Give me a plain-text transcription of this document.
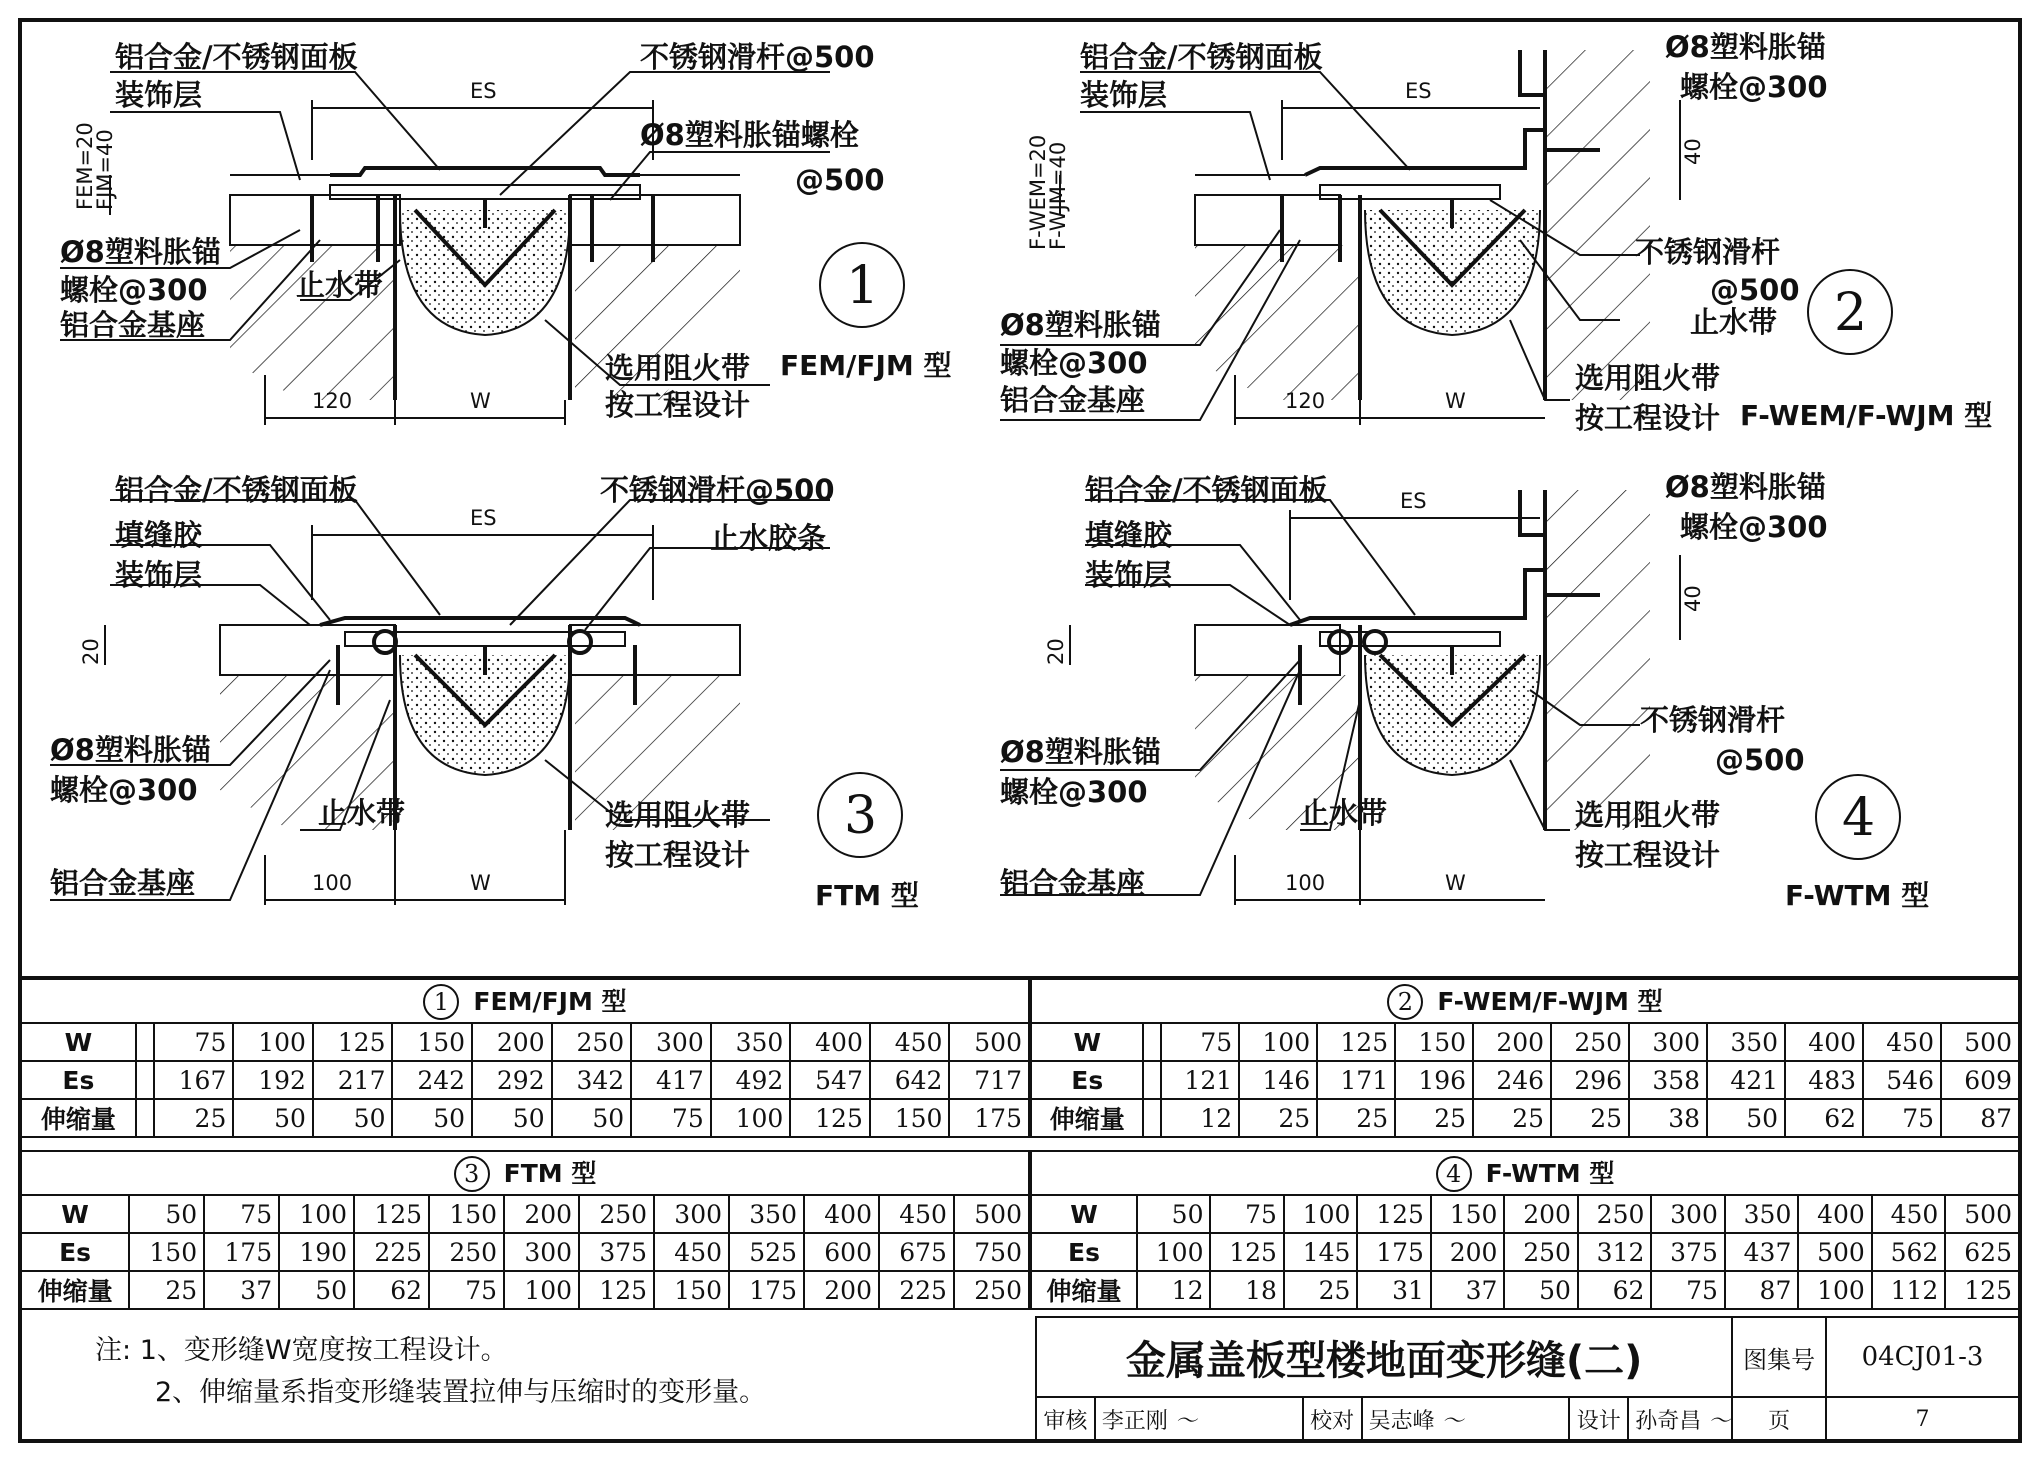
铝合金/不锈钢面板
装饰层
不锈钢滑杆@500
Ø8塑料胀锚螺栓
@500
Ø8塑料胀锚
螺栓@300
铝合金基座
止水带
选用阻火带
按工程设计
ES
W
120
FEM=20
FJM=40
1
FEM/FJM 型
铝合金/不锈钢面板
装饰层
Ø8塑料胀锚
螺栓@300
不锈钢滑杆
@500
止水带
Ø8塑料胀锚
螺栓@300
铝合金基座
选用阻火带
按工程设计
ES
W
120
F-WEM=20
F-WJM=40	40
2
F-WEM/F-WJM 型
铝合金/不锈钢面板
填缝胶
装饰层
不锈钢滑杆@500
止水胶条
Ø8塑料胀锚
螺栓@300
止水带
铝合金基座
选用阻火带
按工程设计
ES
W
100
20
3
FTM 型
铝合金/不锈钢面板
填缝胶
装饰层
Ø8塑料胀锚
螺栓@300
不锈钢滑杆
@500
Ø8塑料胀锚
螺栓@300
止水带
铝合金基座
选用阻火带
按工程设计
ES
W
100
20
40
4
F-WTM 型
1 FEM/FJM 型												
W		75	100	125	150	200	250	300	350	400	450	500
Es		167	192	217	242	292	342	417	492	547	642	717
伸缩量		25	50	50	50	50	50	75	100	125	150	175
2 F-WEM/F-WJM 型												
W		75	100	125	150	200	250	300	350	400	450	500
Es		121	146	171	196	246	296	358	421	483	546	609
伸缩量		12	25	25	25	25	25	38	50	62	75	87
3 FTM 型												
W	50	75	100	125	150	200	250	300	350	400	450	500
Es	150	175	190	225	250	300	375	450	525	600	675	750
伸缩量	25	37	50	62	75	100	125	150	175	200	225	250
4 F-WTM 型												
W	50	75	100	125	150	200	250	300	350	400	450	500
Es	100	125	145	175	200	250	312	375	437	500	562	625
伸缩量	12	18	25	31	37	50	62	75	87	100	112	125
注: 1、变形缝W宽度按工程设计。
2、伸缩量系指变形缝装置拉伸与压缩时的变形量。
金属盖板型楼地面变形缝(二)						图集号	04CJ01-3
审核	李正刚 〜	校对	吴志峰 〜	设计	孙奇昌 〜	页	7
